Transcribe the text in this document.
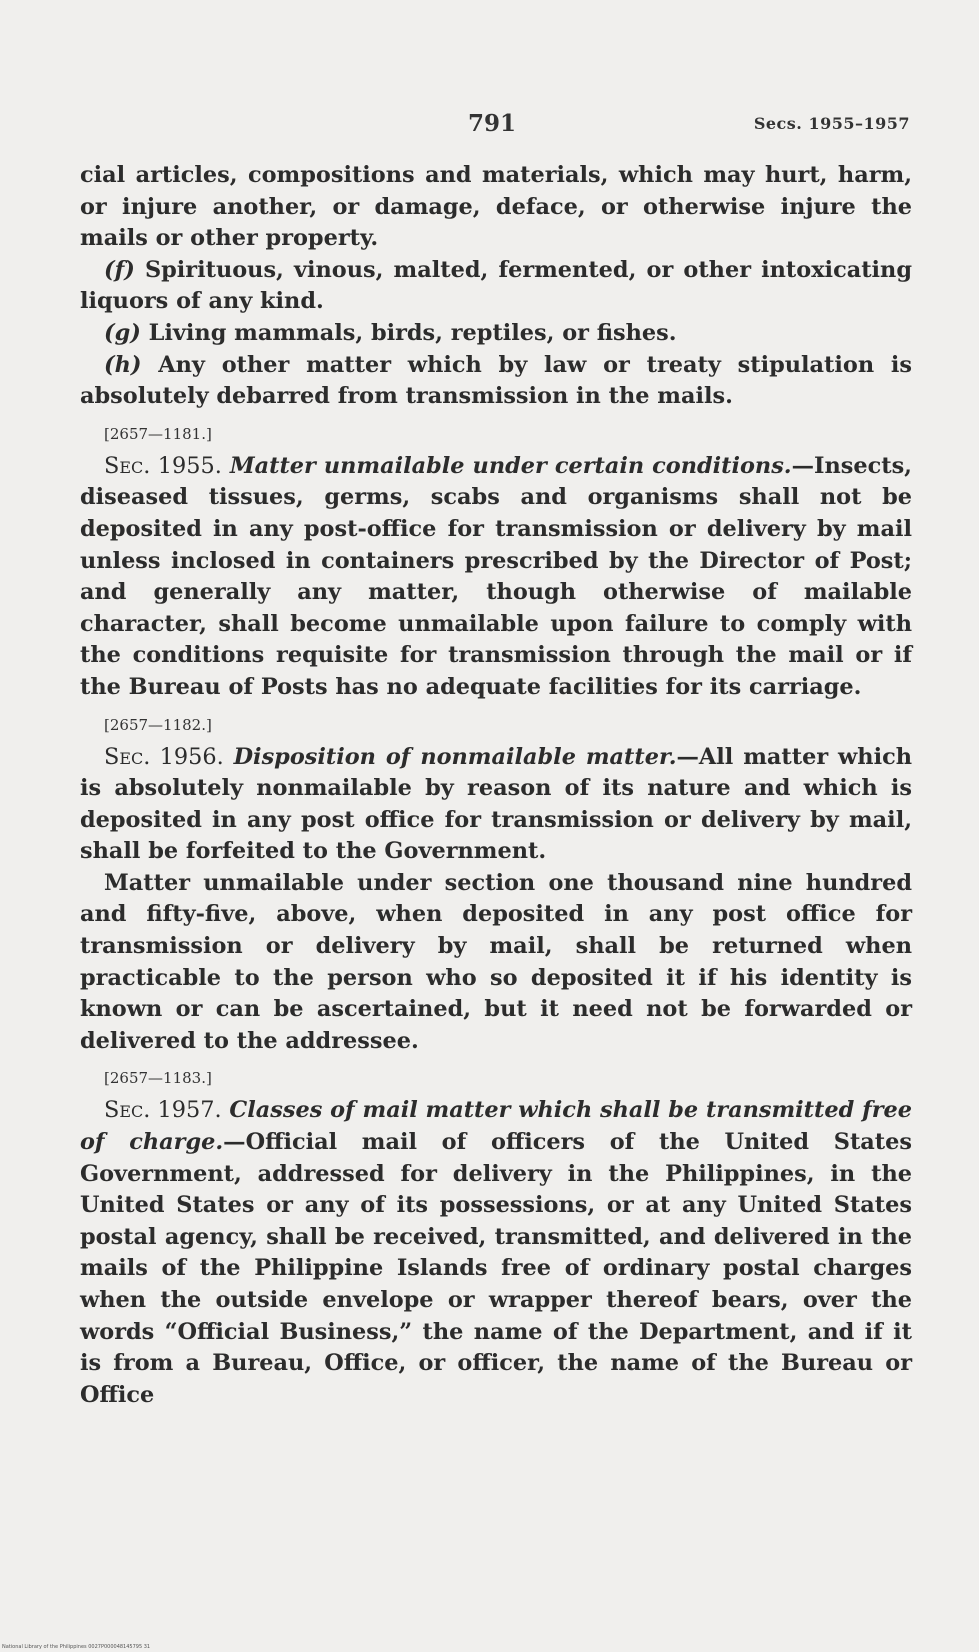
791	Secs. 1955–1957

cial articles, compositions and materials, which may hurt, harm, or injure another, or damage, deface, or otherwise injure the mails or other property.

(f) Spirituous, vinous, malted, fermented, or other intoxicating liquors of any kind.

(g) Living mammals, birds, reptiles, or fishes.

(h) Any other matter which by law or treaty stipulation is absolutely debarred from transmission in the mails.

[2657—1181.]

Sec. 1955. Matter unmailable under certain conditions.—Insects, diseased tissues, germs, scabs and organisms shall not be deposited in any post-office for transmission or delivery by mail unless inclosed in containers prescribed by the Director of Post; and generally any matter, though otherwise of mailable character, shall become unmailable upon failure to comply with the conditions requisite for transmission through the mail or if the Bureau of Posts has no adequate facilities for its carriage.

[2657—1182.]

Sec. 1956. Disposition of nonmailable matter.—All matter which is absolutely nonmailable by reason of its nature and which is deposited in any post office for transmission or delivery by mail, shall be forfeited to the Government.

Matter unmailable under section one thousand nine hundred and fifty-five, above, when deposited in any post office for transmission or delivery by mail, shall be returned when practicable to the person who so deposited it if his identity is known or can be ascertained, but it need not be forwarded or delivered to the addressee.

[2657—1183.]

Sec. 1957. Classes of mail matter which shall be transmitted free of charge.—Official mail of officers of the United States Government, addressed for delivery in the Philippines, in the United States or any of its possessions, or at any United States postal agency, shall be received, transmitted, and delivered in the mails of the Philippine Islands free of ordinary postal charges when the outside envelope or wrapper thereof bears, over the words “Official Business,” the name of the Department, and if it is from a Bureau, Office, or officer, the name of the Bureau or Office

National Library of the Philippines 0027P000048145795 31
